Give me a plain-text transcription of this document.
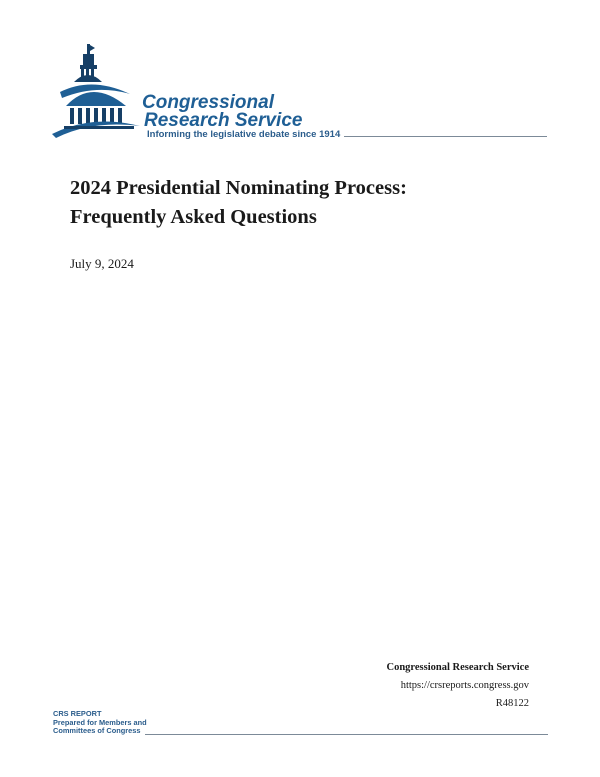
Congressional
Research Service
Informing the legislative debate since 1914
2024 Presidential Nominating Process:
Frequently Asked Questions
July 9, 2024
Congressional Research Service
https://crsreports.congress.gov
R48122
CRS REPORT
Prepared for Members and
Committees of Congress
